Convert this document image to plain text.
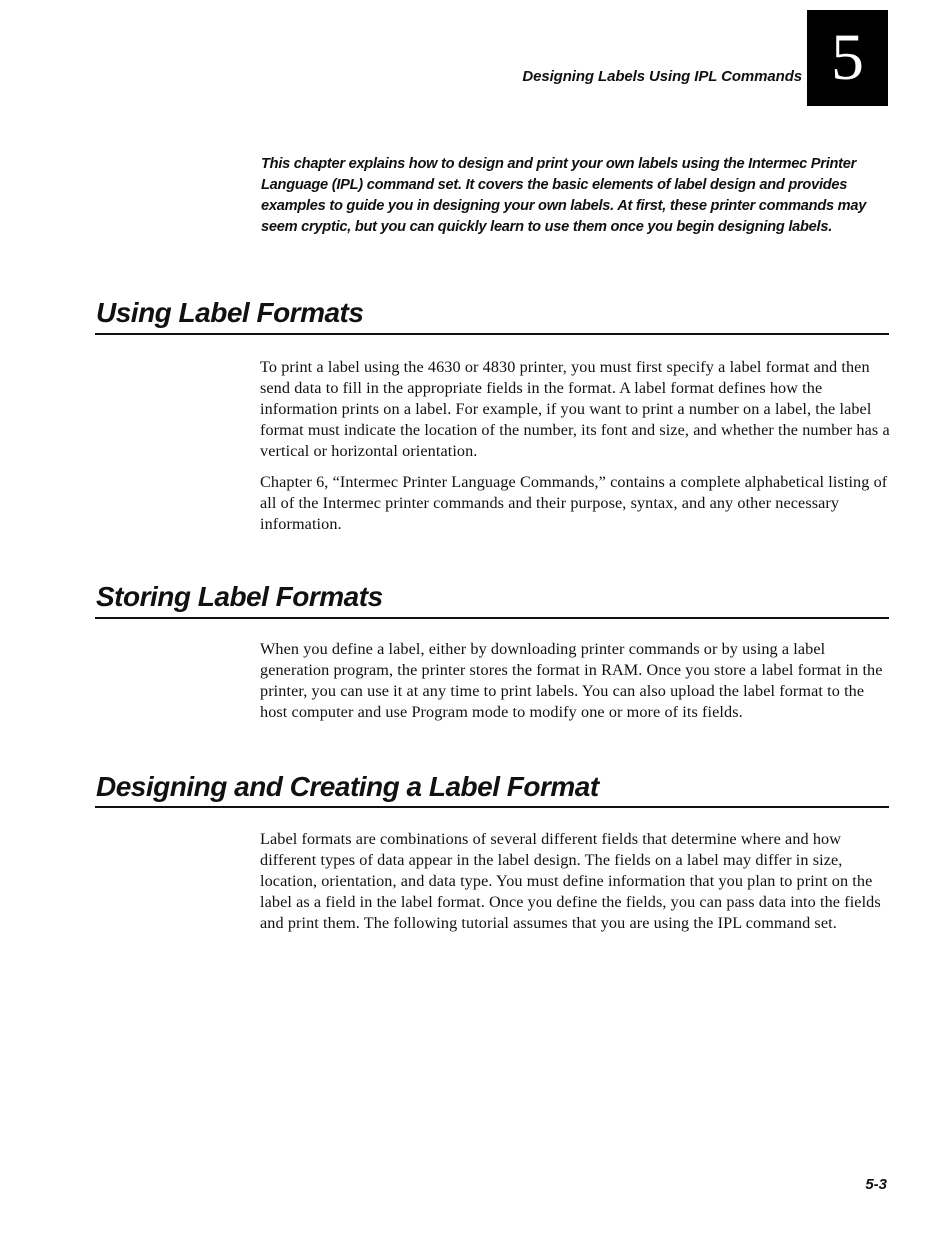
Designing Labels Using IPL Commands 5
This chapter explains how to design and print your own labels using the Intermec Printer Language (IPL) command set. It covers the basic elements of label design and provides examples to guide you in designing your own labels. At first, these printer commands may seem cryptic, but you can quickly learn to use them once you begin designing labels.
Using Label Formats

To print a label using the 4630 or 4830 printer, you must first specify a label format and then send data to fill in the appropriate fields in the format. A label format defines how the information prints on a label. For example, if you want to print a number on a label, the label format must indicate the location of the number, its font and size, and whether the number has a vertical or horizontal orientation.

Chapter 6, “Intermec Printer Language Commands,” contains a complete alphabetical listing of all of the Intermec printer commands and their purpose, syntax, and any other necessary information.

Storing Label Formats

When you define a label, either by downloading printer commands or by using a label generation program, the printer stores the format in RAM. Once you store a label format in the printer, you can use it at any time to print labels. You can also upload the label format to the host computer and use Program mode to modify one or more of its fields.

Designing and Creating a Label Format

Label formats are combinations of several different fields that determine where and how different types of data appear in the label design. The fields on a label may differ in size, location, orientation, and data type. You must define information that you plan to print on the label as a field in the label format. Once you define the fields, you can pass data into the fields and print them. The following tutorial assumes that you are using the IPL command set.

5-3
